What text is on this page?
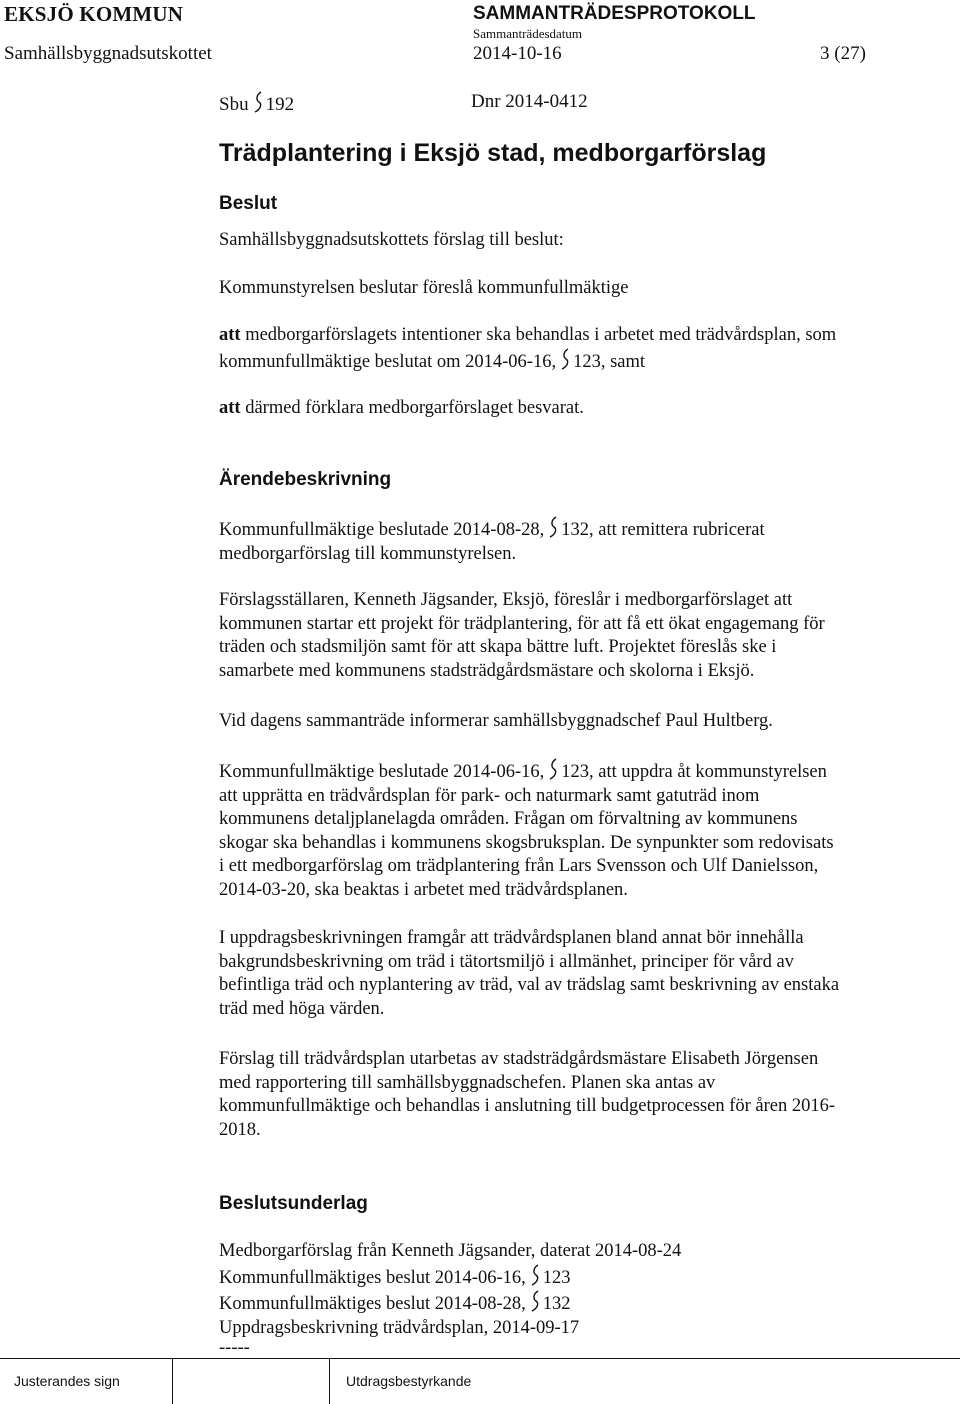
EKSJÖ KOMMUN	SAMMANTRÄDESPROTOKOLL
Sammanträdesdatum
Samhällsbyggnadsutskottet	2014-10-16	3 (27)
Sbu 192	Dnr 2014-0412
Trädplantering i Eksjö stad, medborgarförslag
Beslut
Samhällsbyggnadsutskottets förslag till beslut:
Kommunstyrelsen beslutar föreslå kommunfullmäktige
att medborgarförslagets intentioner ska behandlas i arbetet med trädvårdsplan, som
kommunfullmäktige beslutat om 2014-06-16, 123, samt
att därmed förklara medborgarförslaget besvarat.
Ärendebeskrivning
Kommunfullmäktige beslutade 2014-08-28, 132, att remittera rubricerat
medborgarförslag till kommunstyrelsen.
Förslagsställaren, Kenneth Jägsander, Eksjö, föreslår i medborgarförslaget att
kommunen startar ett projekt för trädplantering, för att få ett ökat engagemang för
träden och stadsmiljön samt för att skapa bättre luft. Projektet föreslås ske i
samarbete med kommunens stadsträdgårdsmästare och skolorna i Eksjö.
Vid dagens sammanträde informerar samhällsbyggnadschef Paul Hultberg.
Kommunfullmäktige beslutade 2014-06-16, 123, att uppdra åt kommunstyrelsen
att upprätta en trädvårdsplan för park- och naturmark samt gatuträd inom
kommunens detaljplanelagda områden. Frågan om förvaltning av kommunens
skogar ska behandlas i kommunens skogsbruksplan. De synpunkter som redovisats
i ett medborgarförslag om trädplantering från Lars Svensson och Ulf Danielsson,
2014-03-20, ska beaktas i arbetet med trädvårdsplanen.
I uppdragsbeskrivningen framgår att trädvårdsplanen bland annat bör innehålla
bakgrundsbeskrivning om träd i tätortsmiljö i allmänhet, principer för vård av
befintliga träd och nyplantering av träd, val av trädslag samt beskrivning av enstaka
träd med höga värden.
Förslag till trädvårdsplan utarbetas av stadsträdgårdsmästare Elisabeth Jörgensen
med rapportering till samhällsbyggnadschefen. Planen ska antas av
kommunfullmäktige och behandlas i anslutning till budgetprocessen för åren 2016-
2018.
Beslutsunderlag
Medborgarförslag från Kenneth Jägsander, daterat 2014-08-24
Kommunfullmäktiges beslut 2014-06-16, 123
Kommunfullmäktiges beslut 2014-08-28, 132
Uppdragsbeskrivning trädvårdsplan, 2014-09-17
-----
Justerandes sign	Utdragsbestyrkande
